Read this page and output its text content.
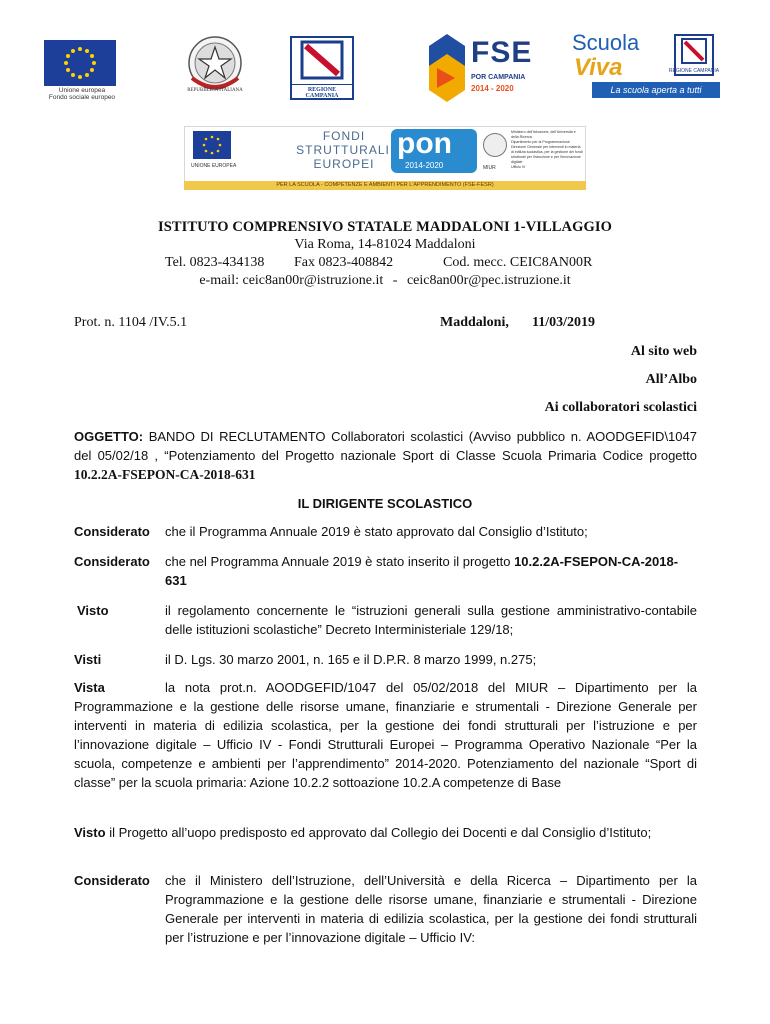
Unione europea
Fondo sociale europeo
REPUBBLICA ITALIANA	REGIONE CAMPANIA
FSE
POR CAMPANIA
2014 - 2020
Scuola
Viva	REGIONE CAMPANIA
La scuola aperta a tutti
UNIONE EUROPEA
FONDI
STRUTTURALI
EUROPEI
pon
2014-2020	MIUR
Ministero dell'Istruzione, dell'Università e della Ricerca
Dipartimento per la Programmazione
Direzione Generale per interventi in materia di edilizia scolastica, per la gestione dei fondi strutturali per l'istruzione e per l'innovazione digitale
Ufficio IV
PER LA SCUOLA - COMPETENZE E AMBIENTI PER L'APPRENDIMENTO (FSE-FESR)
ISTITUTO COMPRENSIVO STATALE MADDALONI 1-VILLAGGIO
Via Roma, 14-81024 Maddaloni
Tel. 0823-434138 Fax 0823-408842	Cod. mecc. CEIC8AN00R
e-mail: ceic8an00r@istruzione.it - ceic8an00r@pec.istruzione.it
Prot. n. 1104 /IV.5.1	Maddaloni, 11/03/2019
Al sito web
All’Albo
Ai collaboratori scolastici
OGGETTO: BANDO DI RECLUTAMENTO Collaboratori scolastici (Avviso pubblico n. AOODGEFID\1047 del 05/02/18 , “Potenziamento del Progetto nazionale Sport di Classe Scuola Primaria Codice progetto 10.2.2A-FSEPON-CA-2018-631
IL DIRIGENTE SCOLASTICO
Considerato che il Programma Annuale 2019 è stato approvato dal Consiglio d’Istituto;
Considerato che nel Programma Annuale 2019 è stato inserito il progetto 10.2.2A-FSEPON-CA-2018-631
Visto	il regolamento concernente le “istruzioni generali sulla gestione amministrativo-contabile delle istituzioni scolastiche” Decreto Interministeriale 129/18;
Visti	il D. Lgs. 30 marzo 2001, n. 165 e il D.P.R. 8 marzo 1999, n.275;
Vista	la nota prot.n. AOODGEFID/1047 del 05/02/2018 del MIUR – Dipartimento per la Programmazione e la gestione delle risorse umane, finanziarie e strumentali - Direzione Generale per interventi in materia di edilizia scolastica, per la gestione dei fondi strutturali per l’istruzione e per l’innovazione digitale – Ufficio IV - Fondi Strutturali Europei – Programma Operativo Nazionale “Per la scuola, competenze e ambienti per l’apprendimento” 2014-2020. Potenziamento del nazionale “Sport di classe” per la scuola primaria: Azione 10.2.2 sottoazione 10.2.A competenze di Base
Visto il Progetto all’uopo predisposto ed approvato dal Collegio dei Docenti e dal Consiglio d’Istituto;
Considerato che il Ministero dell’Istruzione, dell’Università e della Ricerca – Dipartimento per la Programmazione e la gestione delle risorse umane, finanziarie e strumentali - Direzione Generale per interventi in materia di edilizia scolastica, per la gestione dei fondi strutturali per l’istruzione e per l’innovazione digitale – Ufficio IV:
